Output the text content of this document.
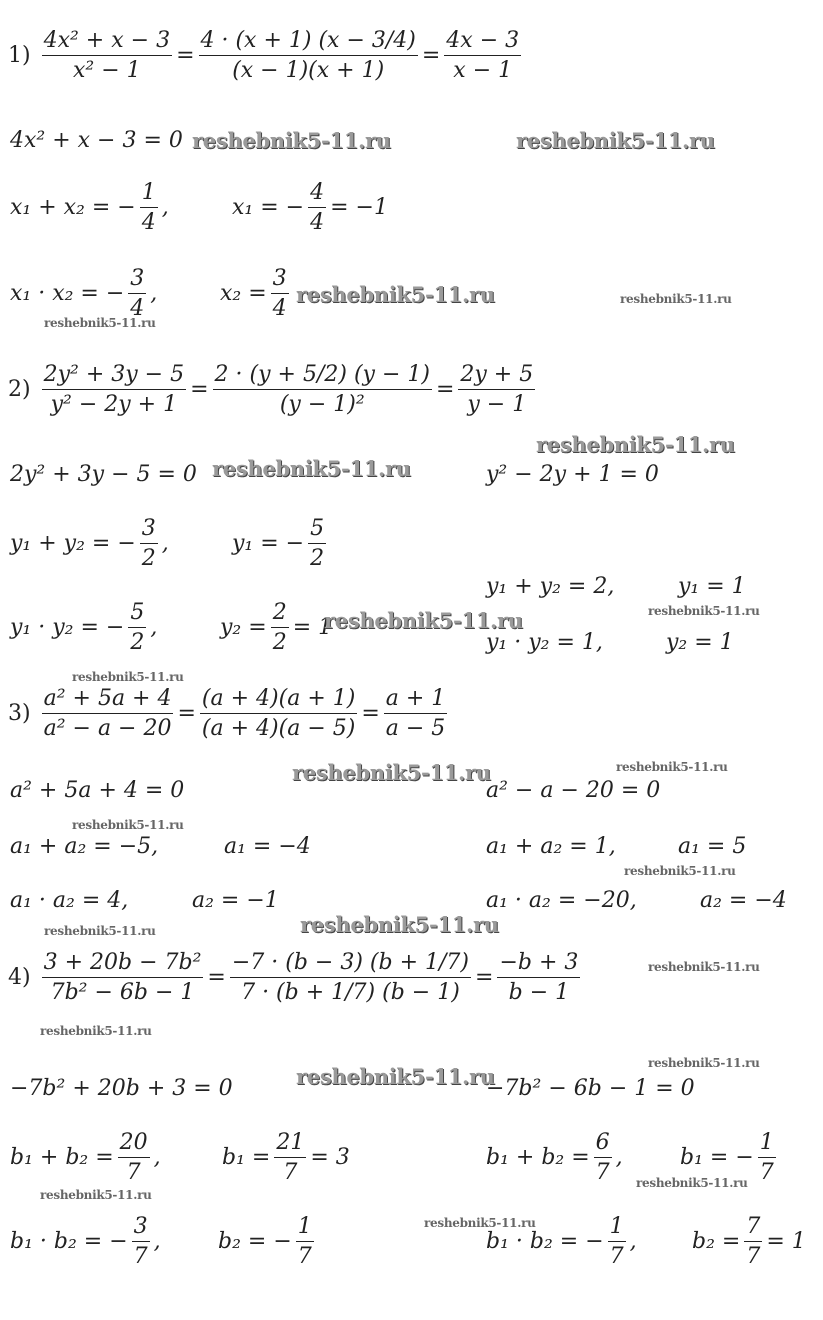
$1) \frac{\text{4x² + x − 3}}{\text{x² − 1}} = \frac{4 \cdot (x + 1) (x - 3/4)}{(x - 1)(x + 1)} = \frac{4x - 3}{x - 1}$
4x² + x − 3 = 0
x₁ + x₂ = − $\frac{1}{4}$ ,	x₁ = − $\frac{4}{4} = -1$
x₁ · x₂ = − $\frac{3}{4}$ ,	$x_2 = \frac{3}{4}$
$2) \frac{\text{2y² + 3y − 5}}{\text{y² − 2y + 1}} = \frac{2 \cdot (y + 5/2) (y - 1)}{\text{(y − 1)²}} = \frac{2y + 5}{y - 1}$
2y² + 3y − 5 = 0	y² − 2y + 1 = 0
y₁ + y₂ = − $\frac{3}{2}$ ,	y₁ = − $\frac{5}{2}$
y₁ + y₂ = 2,	y₁ = 1
y₁ · y₂ = − $\frac{5}{2}$ ,	$y_2 = \frac{2}{2} = 1$
y₁ · y₂ = 1,	y₂ = 1
$3) \frac{\text{a² + 5a + 4}}{\text{a² − a − 20}} = \frac{(a + 4)(a + 1)}{(a + 4)(a - 5)} = \frac{a + 1}{a - 5}$
a² + 5a + 4 = 0	a² − a − 20 = 0
a₁ + a₂ = −5,	a₁ = −4	a₁ + a₂ = 1,	a₁ = 5
a₁ · a₂ = 4,	a₂ = −1	a₁ · a₂ = −20,	a₂ = −4
$4) \frac{\text{3 + 20b − 7b²}}{\text{7b² − 6b − 1}} = \frac{-7 \cdot (b - 3) (b + 1/7)}{7 \cdot (b + 1/7) (b - 1)} = \frac{-b + 3}{b - 1}$
−7b² + 20b + 3 = 0	−7b² − 6b − 1 = 0
$b_1 + b_2 = \frac{20}{7}$ ,	$b_1 = \frac{21}{7} = 3$	$b_1 + b_2 = \frac{6}{7}$ ,	b₁ = − $\frac{1}{7}$
b₁ · b₂ = − $\frac{3}{7}$ ,	b₂ = − $\frac{1}{7}$	b₁ · b₂ = − $\frac{1}{7}$ ,	$b_2 = \frac{7}{7} = 1$
reshebnik5-11.ru	reshebnik5-11.ru
reshebnik5-11.ru	reshebnik5-11.ru
reshebnik5-11.ru
reshebnik5-11.ru
reshebnik5-11.ru
reshebnik5-11.ru
reshebnik5-11.ru
reshebnik5-11.ru
reshebnik5-11.ru	reshebnik5-11.ru
reshebnik5-11.ru
reshebnik5-11.ru
reshebnik5-11.ru
reshebnik5-11.ru
reshebnik5-11.ru
reshebnik5-11.ru
reshebnik5-11.ru
reshebnik5-11.ru
reshebnik5-11.ru
reshebnik5-11.ru
reshebnik5-11.ru
